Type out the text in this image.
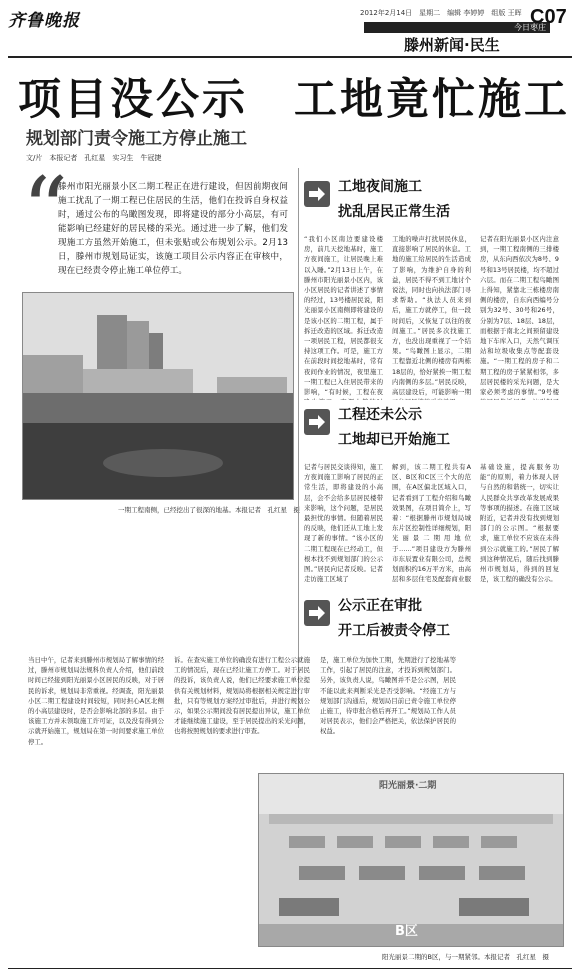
齐鲁晚报	2012年2月14日　星期二　编辑 李婷婷　组版 王晖
今日枣庄
滕州新闻·民生
C07
项目没公示　工地竟忙施工
规划部门责令施工方停止施工
文/片　本报记者　孔红星　实习生　牛冠捷
“
滕州市阳光丽景小区二期工程正在进行建设，但因前期夜间施工扰乱了一期工程已住居民的生活，他们在投诉自身权益时，通过公布的鸟瞰图发现，即将建设的部分小高层，有可能影响已经建好的居民楼的采光。通过进一步了解，他们发现施工方虽然开始施工，但未张贴或公布规划公示。2月13日，滕州市规划局证实，该施工项目公示内容正在审核中，现在已经责令停止施工单位停工。
一期工程南侧，已经挖出了很深的地基。本报记者　孔红星　摄
工地夜间施工
扰乱居民正常生活
“我们小区南边要建设楼房，前几天挖地基时，施工方夜间施工，让居民晚上难以入睡。”2月13日上午，在滕州市阳光丽景小区内，该小区居民的记者讲述了事情的经过，13号楼居民说，阳光丽景小区南侧即将建设的是该小区的二期工程，属于拆迁改造的区域。拆迁改造一项居民工程，居民都很支持这项工作。可是，施工方在前段时间挖地基时，常有夜间作业的情况，夜里施工一期工程已入住居民带来的影响，“有时候，工程在夜
工地的噪声打扰居民休息，直接影响了居民的休息。工地的施工给居民的生活造成了影响，为维护自身的利益，居民不得不到工地讨个说法，同时也向执法部门寻求帮助。“执法人员来到后，施工方就停工，但一段时间后，又恢复了以往的夜间施工。”居民多次找施工方，也没出现重视了一个结果。“鸟瞰图上显示，二期工程靠近北侧的楼房有两栋18层的，恰好紧挨一期工程内南侧的多层。”居民反映，高层建设后，可能影响一期
记者在阳光丽景小区内注意到，一期工程南侧的三排楼房，从东向西依次为8号、9号和13号居民楼，均不超过六层。而在二期工程鸟瞰图上得知，紧靠北三栋楼房南侧的楼房，自东向西编号分别为32号、30号和26号，分别为7层、18层、18层，而根据于南北之间预留建设地下车库入口，天然气调压站和垃圾收集点等配套设施。“一期工程的房子和二期工程的房子紧紧相邻，多层居民楼的采光问题，是大家必须考虑的事情。”9号楼
工程还未公示
工地却已开始施工
记者与居民交谈得知，施工方夜间施工影响了居民的正常生活，即将建设的小高层，会不会给多层居民楼带来影响，这个问题，是居民最担忧的事情。但随着居民的反映，他们还从工地上发现了新的事情。“该小区的二期工程现在已经动工，但根本找不到规划部门的公示图。”居民向记者反映。记者走访施工区域了
解到，该二期工程共有A区、B区和C区三个大的范围，在A区偏北区域入口，记者看到了工程介绍和鸟瞰效果图，在项目简介上，写着：“根据滕州市规划局城东片区控制性详细规划，阳光丽景二期用地位于……”项目建设方为滕州市东辰置业有限公司，总规划面积约16万平方米，由高层和多层住宅及配套商业服
基础设施，提高服务功能”的原则，着力体现人居与自然的和谐统一，切实让人民群众共享改革发展成果等事项的描述。在施工区域附近，记者并没有找到规划部门的公示图。“根据要求，施工单位不应该在未得到公示就施工的。”居民了解到这种情况后，随后找到滕州市规划局，得到的回复是，该工程的确没有公示。
公示正在审批
开工后被责令停工
当日中午，记者来到滕州市规划局了解事情的经过，滕州市规划局法规科负责人介绍，他们前段时间已经接到阳光丽景小区居民的反映，对于居民的诉求，规划局非常重视。经调查，阳光丽景小区二期工程建设时间较短，同时担心A区北侧的小高层建设时，是否会影响北部的多层。由于该施工方并未领取施工许可证，以及没有得到公示就开始施工，规划局在第一时间要求施工单位停工。
诉。在查实施工单位的确没有进行工程公示就施工的情况后，现在已经让施工方停工。对于居民的投诉，该负责人说，他们已经要求施工单位提供有关规划材料，规划局将根据相关规定进行审批，只有等规划方案经过审批后，并进行规划公示，如果公示期间没有居民提出异议，施工单位才能继续施工建设，至于居民提出的采光问题，也将按照规划的要求进行审查。
是，施工单位为加快工期，先期进行了挖地基等工作，引起了居民的注意，才投诉到规划部门。另外，该负责人说，鸟瞰图并不是公示图，居民不能以此来判断采光是否受影响。“经施工方与规划部门沟通后，规划局目前已责令施工单位停止施工，待审批合格后再开工。”规划局工作人员对居民表示，他们会严格把关，依法保护居民的权益。
阳光丽景·二期
B区
阳光丽景二期的B区，与一期紧邻。本报记者　孔红星　摄
